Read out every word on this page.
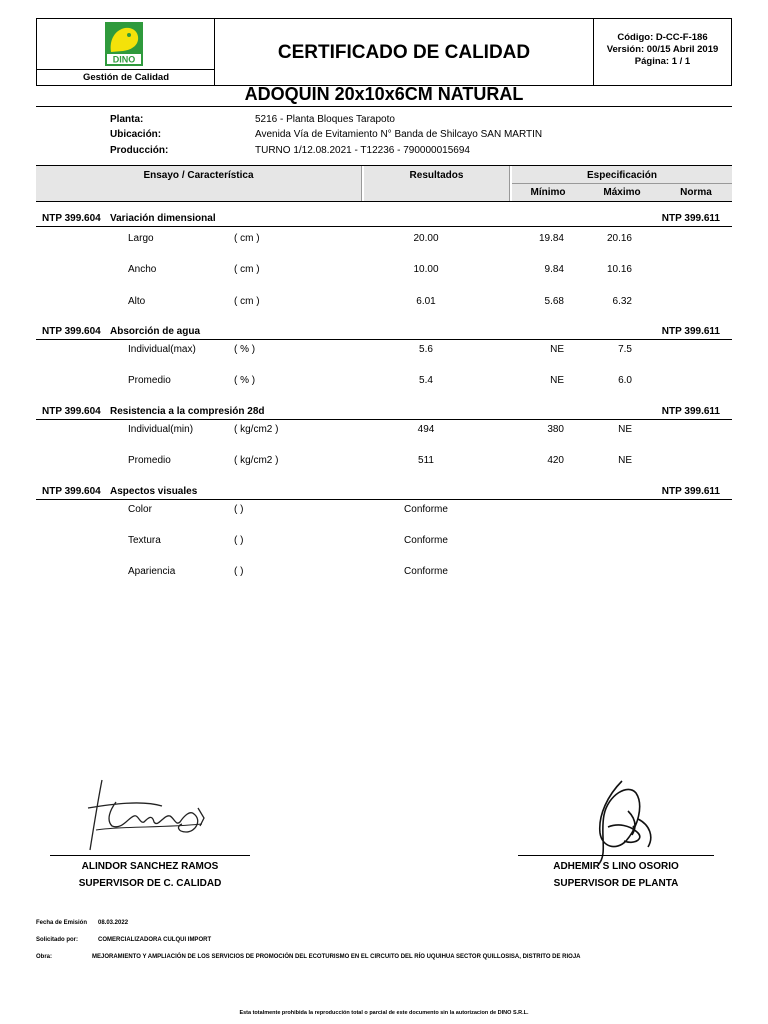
DINO
Gestión de Calidad
CERTIFICADO DE CALIDAD
Código: D-CC-F-186
Versión: 00/15 Abril 2019
Página: 1 / 1
ADOQUIN 20x10x6CM NATURAL
Planta:	5216 - Planta Bloques Tarapoto
Ubicación:	Avenida Vía de Evitamiento N° Banda de Shilcayo SAN MARTIN
Producción:	TURNO 1/12.08.2021 - T12236 - 790000015694
Ensayo / Característica	Resultados	Especificación
Mínimo	Máximo	Norma
NTP 399.604 Variación dimensional	NTP 399.611
Largo	( cm )	20.00	19.84	20.16
Ancho	( cm )	10.00	9.84	10.16
Alto	( cm )	6.01	5.68	6.32
NTP 399.604 Absorción de agua	NTP 399.611
Individual(max)	( % )	5.6	NE	7.5
Promedio	( % )	5.4	NE	6.0
NTP 399.604 Resistencia a la compresión 28d	NTP 399.611
Individual(min)	( kg/cm2 )	494	380	NE
Promedio	( kg/cm2 )	511	420	NE
NTP 399.604 Aspectos visuales	NTP 399.611
Color	( )	Conforme
Textura	( )	Conforme
Apariencia	( )	Conforme
ALINDOR SANCHEZ RAMOS
SUPERVISOR DE C. CALIDAD
ADHEMIR S LINO OSORIO
SUPERVISOR DE PLANTA
Fecha de Emisión 08.03.2022
Solicitado por:	COMERCIALIZADORA CULQUI IMPORT
Obra:	MEJORAMIENTO Y AMPLIACIÓN DE LOS SERVICIOS DE PROMOCIÓN DEL ECOTURISMO EN EL CIRCUITO DEL RÍO UQUIHUA SECTOR QUILLOSISA, DISTRITO DE RIOJA
Esta totalmente prohibida la reproducción total o parcial de este documento sin la autorizacion de DINO S.R.L.
